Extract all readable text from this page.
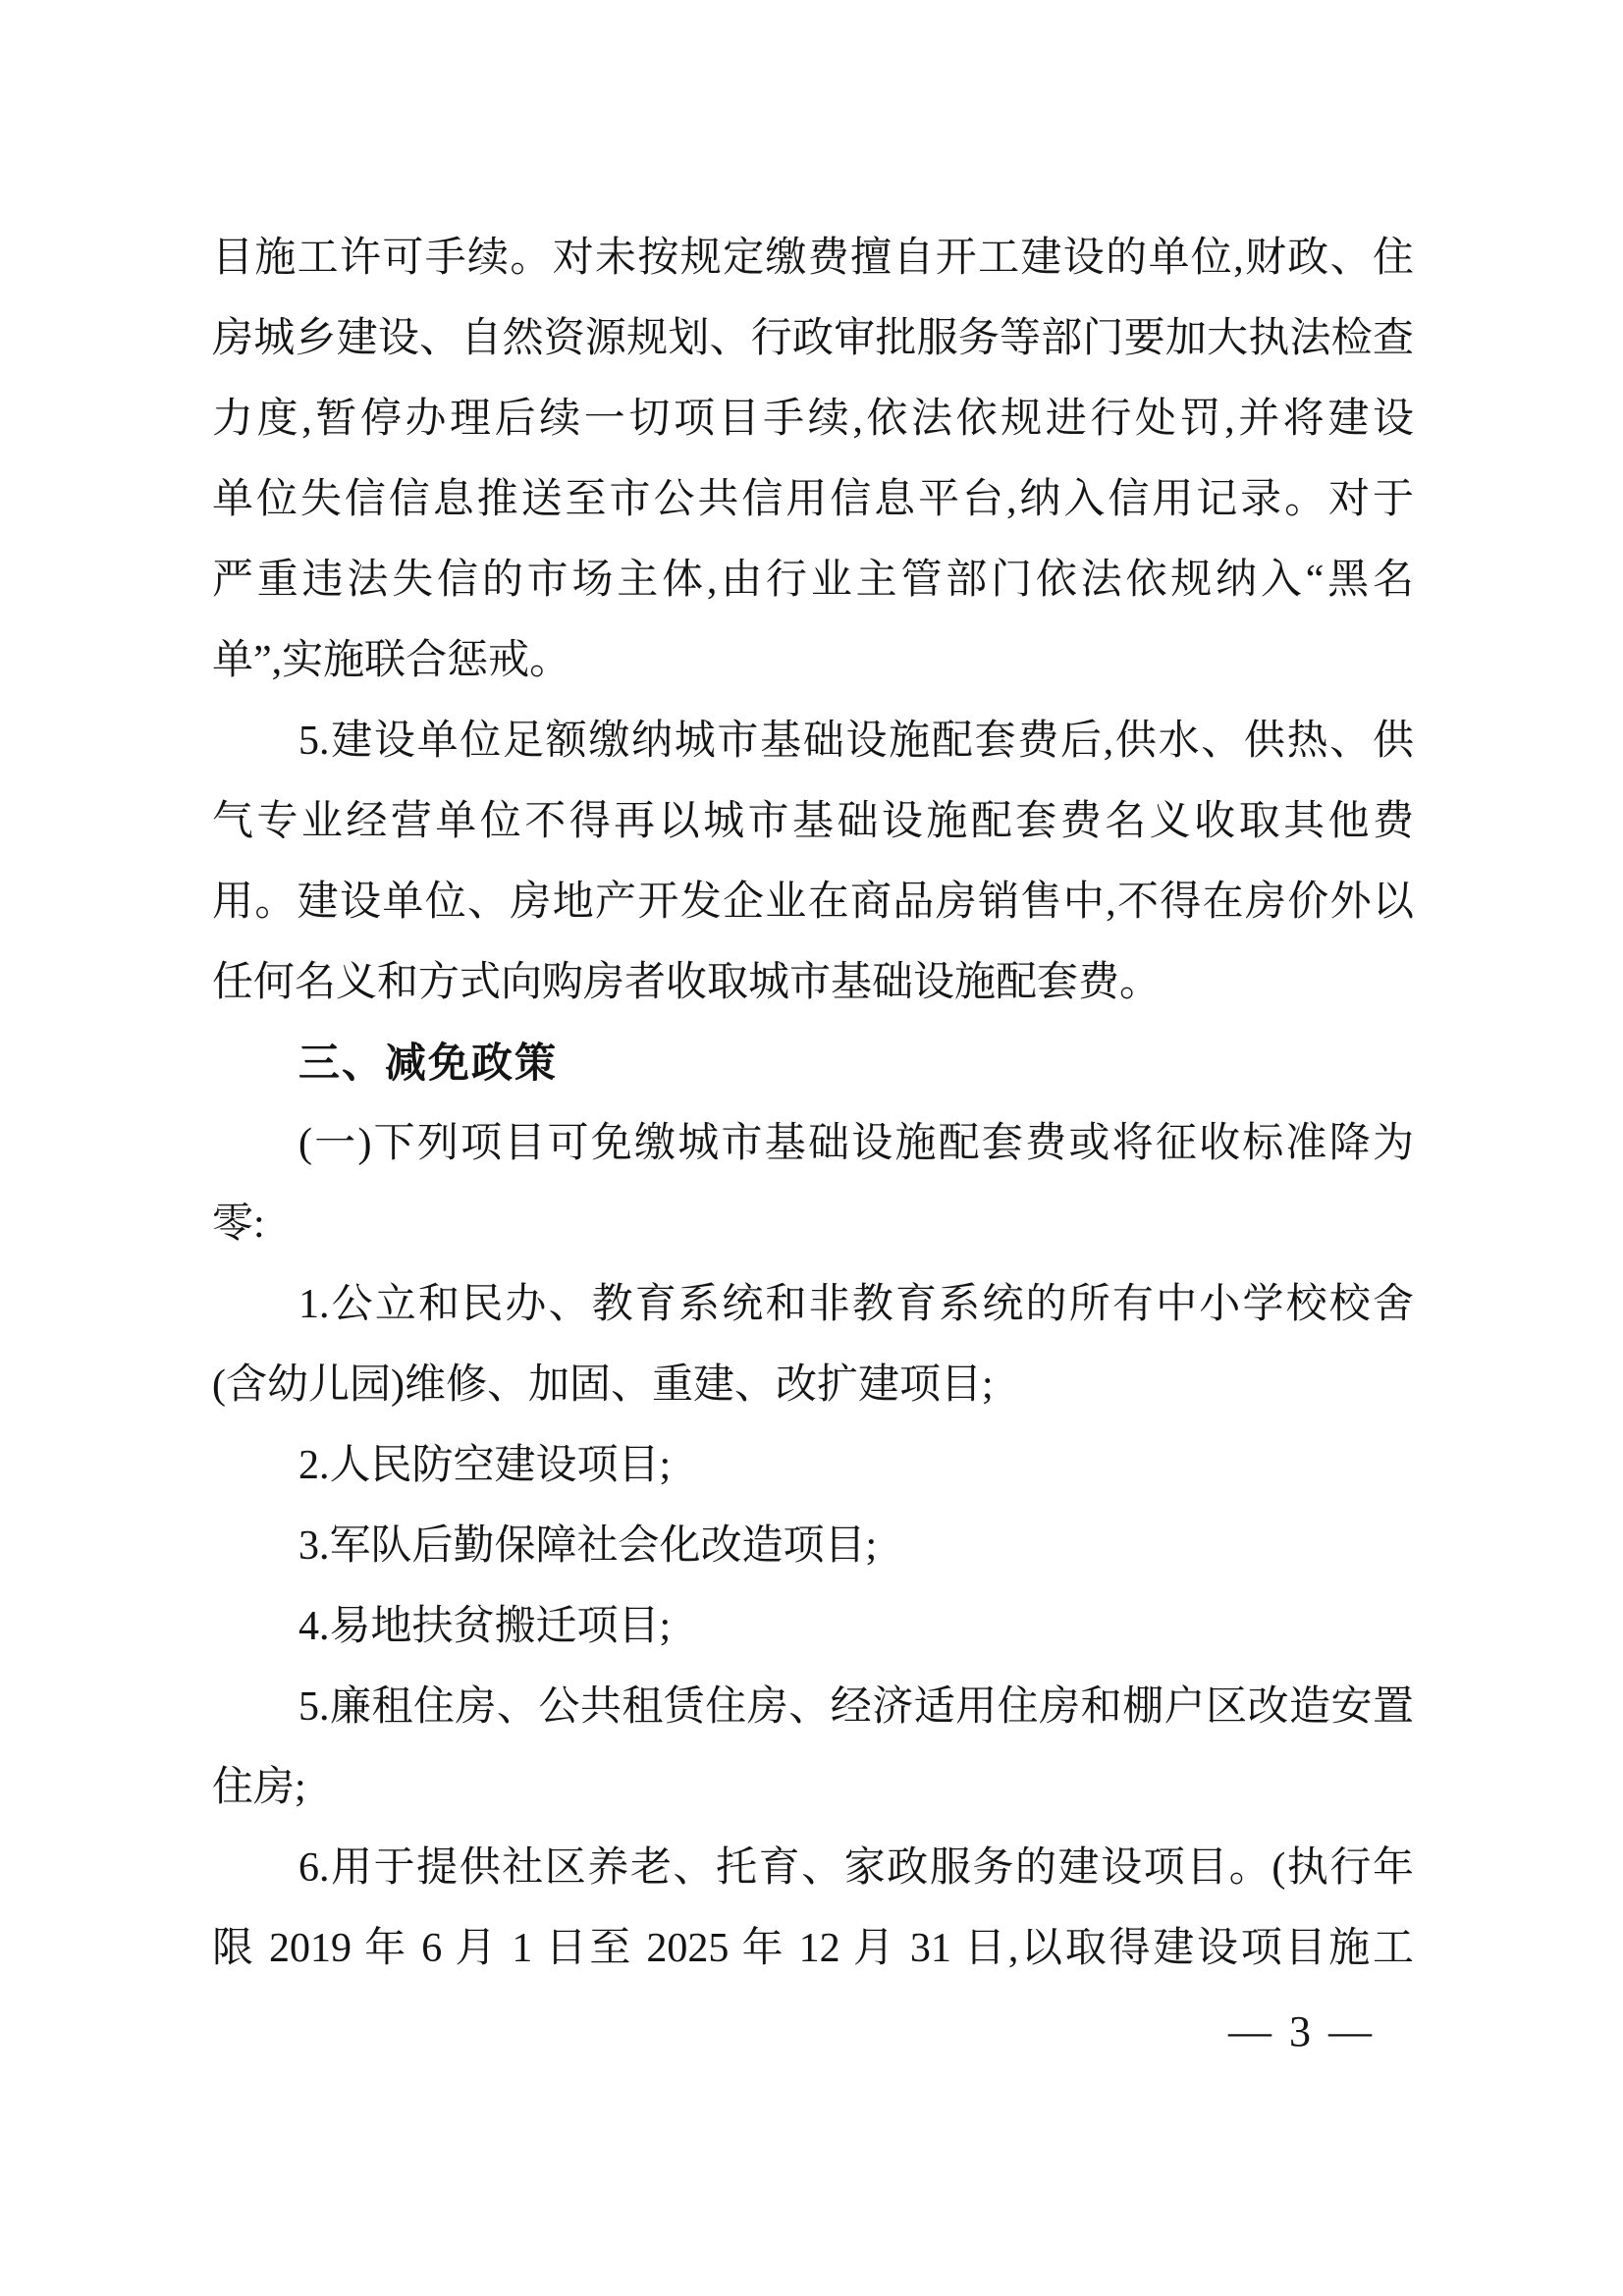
目施工许可手续。对未按规定缴费擅自开工建设的单位,财政、住
房城乡建设、自然资源规划、行政审批服务等部门要加大执法检查
力度,暂停办理后续一切项目手续,依法依规进行处罚,并将建设
单位失信信息推送至市公共信用信息平台,纳入信用记录。对于
严重违法失信的市场主体,由行业主管部门依法依规纳入“黑名
单”,实施联合惩戒。
5.建设单位足额缴纳城市基础设施配套费后,供水、供热、供
气专业经营单位不得再以城市基础设施配套费名义收取其他费
用。建设单位、房地产开发企业在商品房销售中,不得在房价外以
任何名义和方式向购房者收取城市基础设施配套费。
三、减免政策
(一)下列项目可免缴城市基础设施配套费或将征收标准降为
零:
1.公立和民办、教育系统和非教育系统的所有中小学校校舍
(含幼儿园)维修、加固、重建、改扩建项目;
2.人民防空建设项目;
3.军队后勤保障社会化改造项目;
4.易地扶贫搬迁项目;
5.廉租住房、公共租赁住房、经济适用住房和棚户区改造安置
住房;
6.用于提供社区养老、托育、家政服务的建设项目。(执行年
限 2019 年 6 月 1 日至 2025 年 12 月 31 日,以取得建设项目施工
— 3 —
